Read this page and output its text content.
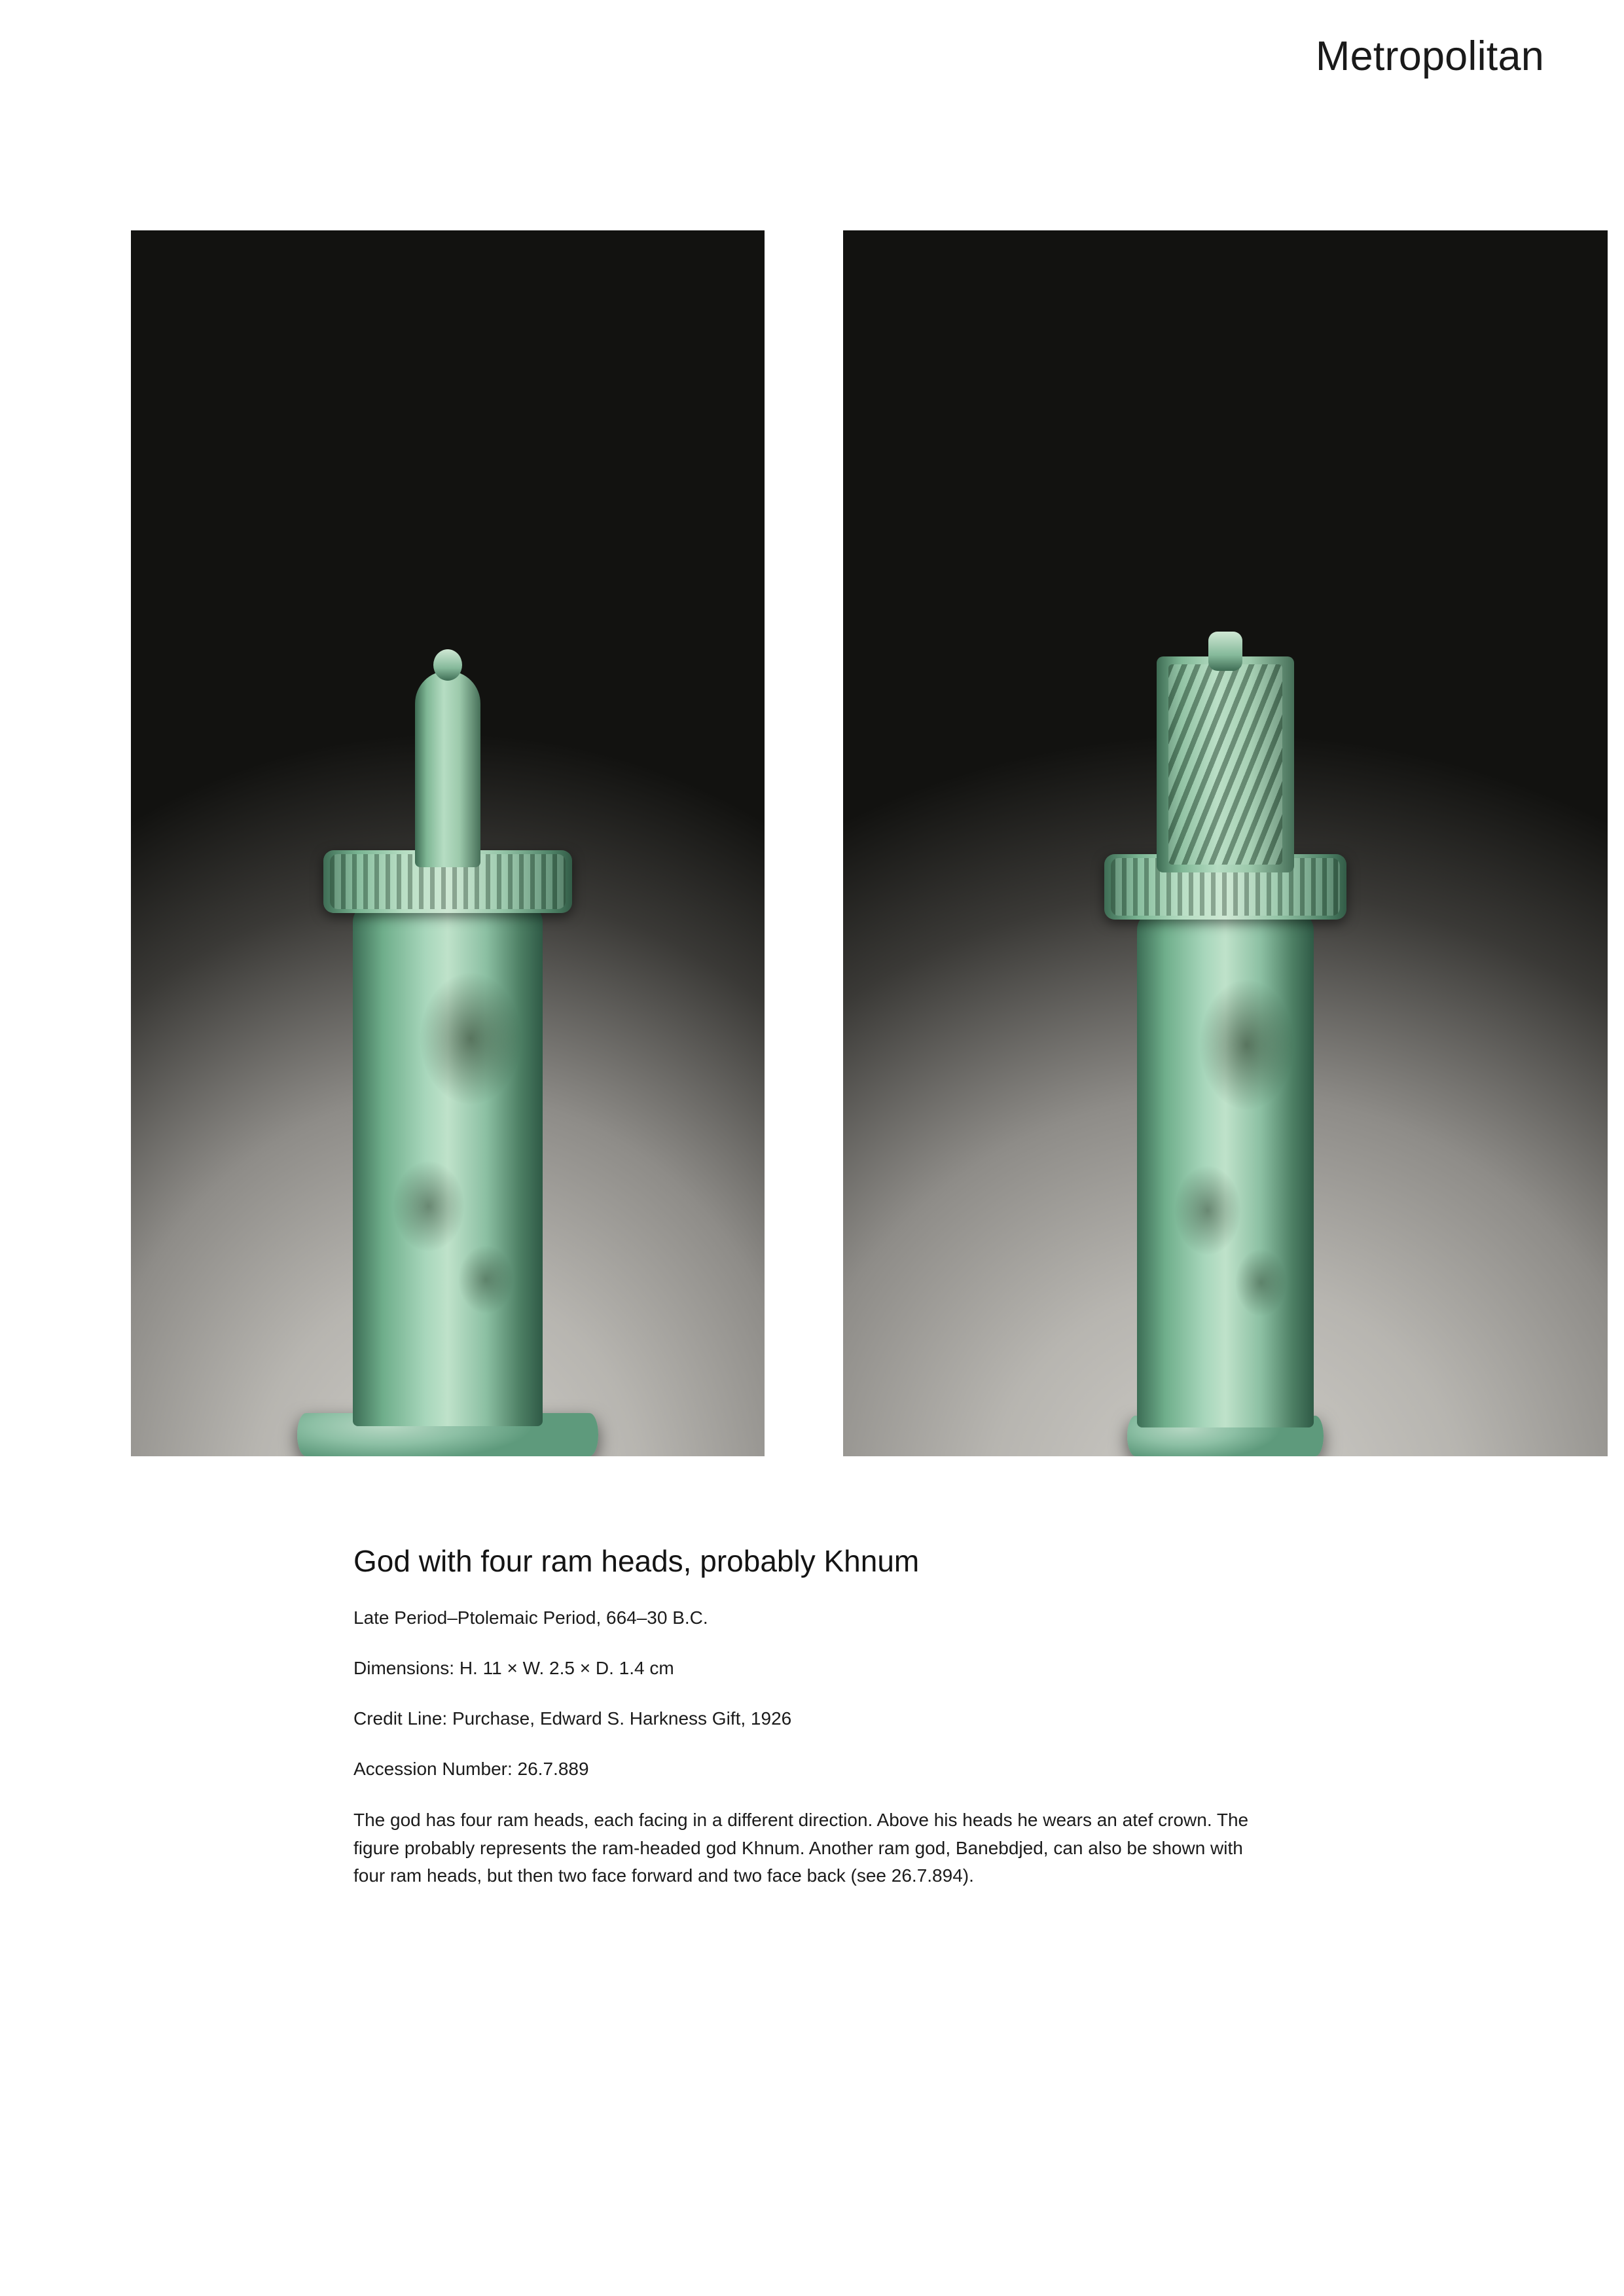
Metropolitan
God with four ram heads, probably Khnum

Late Period–Ptolemaic Period, 664–30 B.C.

Dimensions: H. 11 × W. 2.5 × D. 1.4 cm

Credit Line: Purchase, Edward S. Harkness Gift, 1926

Accession Number: 26.7.889

The god has four ram heads, each facing in a different direction. Above his heads he wears an atef crown. The figure probably represents the ram-headed god Khnum. Another ram god, Banebdjed, can also be shown with four ram heads, but then two face forward and two face back (see 26.7.894).
